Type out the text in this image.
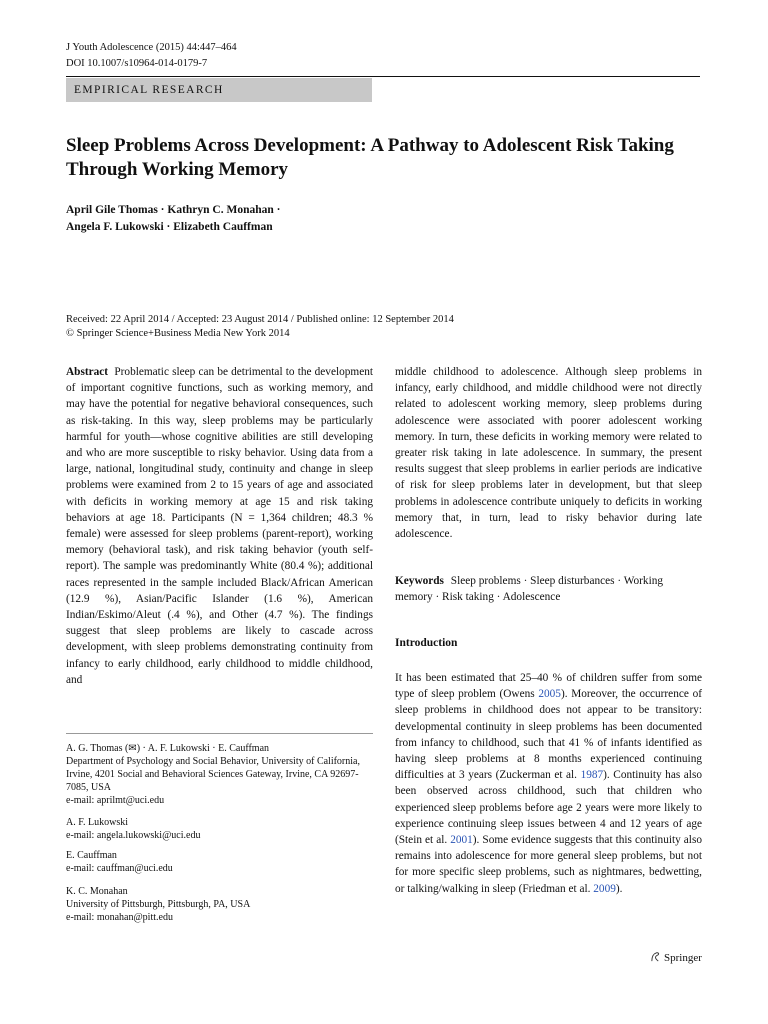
J Youth Adolescence (2015) 44:447–464
DOI 10.1007/s10964-014-0179-7
EMPIRICAL RESEARCH
Sleep Problems Across Development: A Pathway to Adolescent Risk Taking Through Working Memory
April Gile Thomas · Kathryn C. Monahan ·
Angela F. Lukowski · Elizabeth Cauffman
Received: 22 April 2014 / Accepted: 23 August 2014 / Published online: 12 September 2014
© Springer Science+Business Media New York 2014
Abstract Problematic sleep can be detrimental to the development of important cognitive functions, such as working memory, and may have the potential for negative behavioral consequences, such as risk-taking. In this way, sleep problems may be particularly harmful for youth—whose cognitive abilities are still developing and who are more susceptible to risky behavior. Using data from a large, national, longitudinal study, continuity and change in sleep problems were examined from 2 to 15 years of age and associated with deficits in working memory at age 15 and risk taking behaviors at age 18. Participants (N = 1,364 children; 48.3 % female) were assessed for sleep problems (parent-report), working memory (behavioral task), and risk taking behavior (youth self-report). The sample was predominantly White (80.4 %); additional races represented in the sample included Black/African American (12.9 %), Asian/Pacific Islander (1.6 %), American Indian/Eskimo/Aleut (.4 %), and Other (4.7 %). The findings suggest that sleep problems are likely to cascade across development, with sleep problems demonstrating continuity from infancy to early childhood, early childhood to middle childhood, and
middle childhood to adolescence. Although sleep problems in infancy, early childhood, and middle childhood were not directly related to adolescent working memory, sleep problems during adolescence were associated with poorer adolescent working memory. In turn, these deficits in working memory were related to greater risk taking in late adolescence. In summary, the present results suggest that sleep problems in earlier periods are indicative of risk for sleep problems later in development, but that sleep problems in adolescence contribute uniquely to deficits in working memory that, in turn, lead to risky behavior during late adolescence.
Keywords Sleep problems · Sleep disturbances · Working memory · Risk taking · Adolescence
Introduction
It has been estimated that 25–40 % of children suffer from some type of sleep problem (Owens 2005). Moreover, the occurrence of sleep problems in childhood does not appear to be transitory: developmental continuity in sleep problems has been documented from infancy to childhood, such that 41 % of infants identified as having sleep problems at 8 months experienced continuing difficulties at 3 years (Zuckerman et al. 1987). Continuity has also been observed across childhood, such that children who experienced sleep problems before age 2 years were more likely to experience continuing sleep issues between 4 and 12 years of age (Stein et al. 2001). Some evidence suggests that this continuity also remains into adolescence for more general sleep problems, but not for more specific sleep problems, such as nightmares, bedwetting, or talking/walking in sleep (Friedman et al. 2009).
A. G. Thomas (✉) · A. F. Lukowski · E. Cauffman
Department of Psychology and Social Behavior, University of California, Irvine, 4201 Social and Behavioral Sciences Gateway, Irvine, CA 92697-7085, USA
e-mail: aprilmt@uci.edu
A. F. Lukowski
e-mail: angela.lukowski@uci.edu
E. Cauffman
e-mail: cauffman@uci.edu
K. C. Monahan
University of Pittsburgh, Pittsburgh, PA, USA
e-mail: monahan@pitt.edu
Springer
